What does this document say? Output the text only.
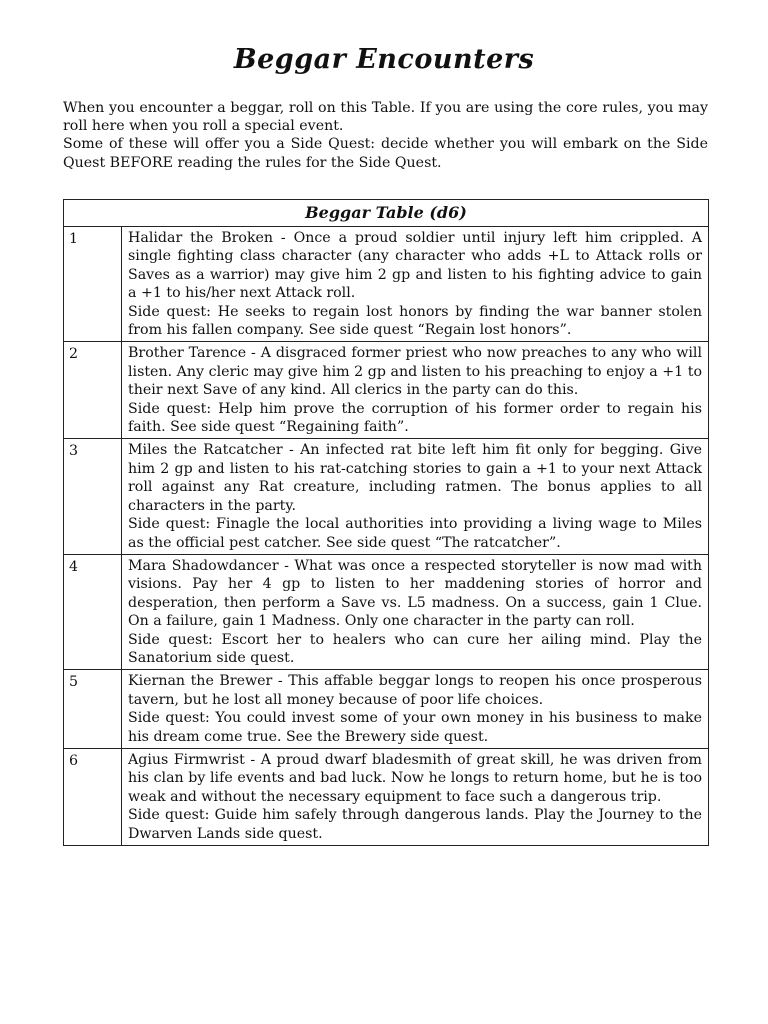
Beggar Encounters

When you encounter a beggar, roll on this Table. If you are using the core rules, you may roll here when you roll a special event.

Some of these will offer you a Side Quest: decide whether you will embark on the Side Quest BEFORE reading the rules for the Side Quest.

Beggar Table (d6)	
1	Halidar the Broken - Once a proud soldier until injury left him crippled. A single fighting class character (any character who adds +L to Attack rolls or Saves as a warrior) may give him 2 gp and listen to his fighting advice to gain a +1 to his/her next Attack roll.

Side quest: He seeks to regain lost honors by finding the war banner stolen from his fallen company. See side quest “Regain lost honors”.

2	Brother Tarence - A disgraced former priest who now preaches to any who will listen. Any cleric may give him 2 gp and listen to his preaching to enjoy a +1 to their next Save of any kind. All clerics in the party can do this.

Side quest: Help him prove the corruption of his former order to regain his faith. See side quest “Regaining faith”.

3	Miles the Ratcatcher - An infected rat bite left him fit only for begging. Give him 2 gp and listen to his rat-catching stories to gain a +1 to your next Attack roll against any Rat creature, including ratmen. The bonus applies to all characters in the party.

Side quest: Finagle the local authorities into providing a living wage to Miles as the official pest catcher. See side quest “The ratcatcher”.

4	Mara Shadowdancer - What was once a respected storyteller is now mad with visions. Pay her 4 gp to listen to her maddening stories of horror and desperation, then perform a Save vs. L5 madness. On a success, gain 1 Clue. On a failure, gain 1 Madness. Only one character in the party can roll.

Side quest: Escort her to healers who can cure her ailing mind. Play the Sanatorium side quest.

5	Kiernan the Brewer - This affable beggar longs to reopen his once prosperous tavern, but he lost all money because of poor life choices.

Side quest: You could invest some of your own money in his business to make his dream come true. See the Brewery side quest.

6	Agius Firmwrist - A proud dwarf bladesmith of great skill, he was driven from his clan by life events and bad luck. Now he longs to return home, but he is too weak and without the necessary equipment to face such a dangerous trip.

Side quest: Guide him safely through dangerous lands. Play the Journey to the Dwarven Lands side quest.
